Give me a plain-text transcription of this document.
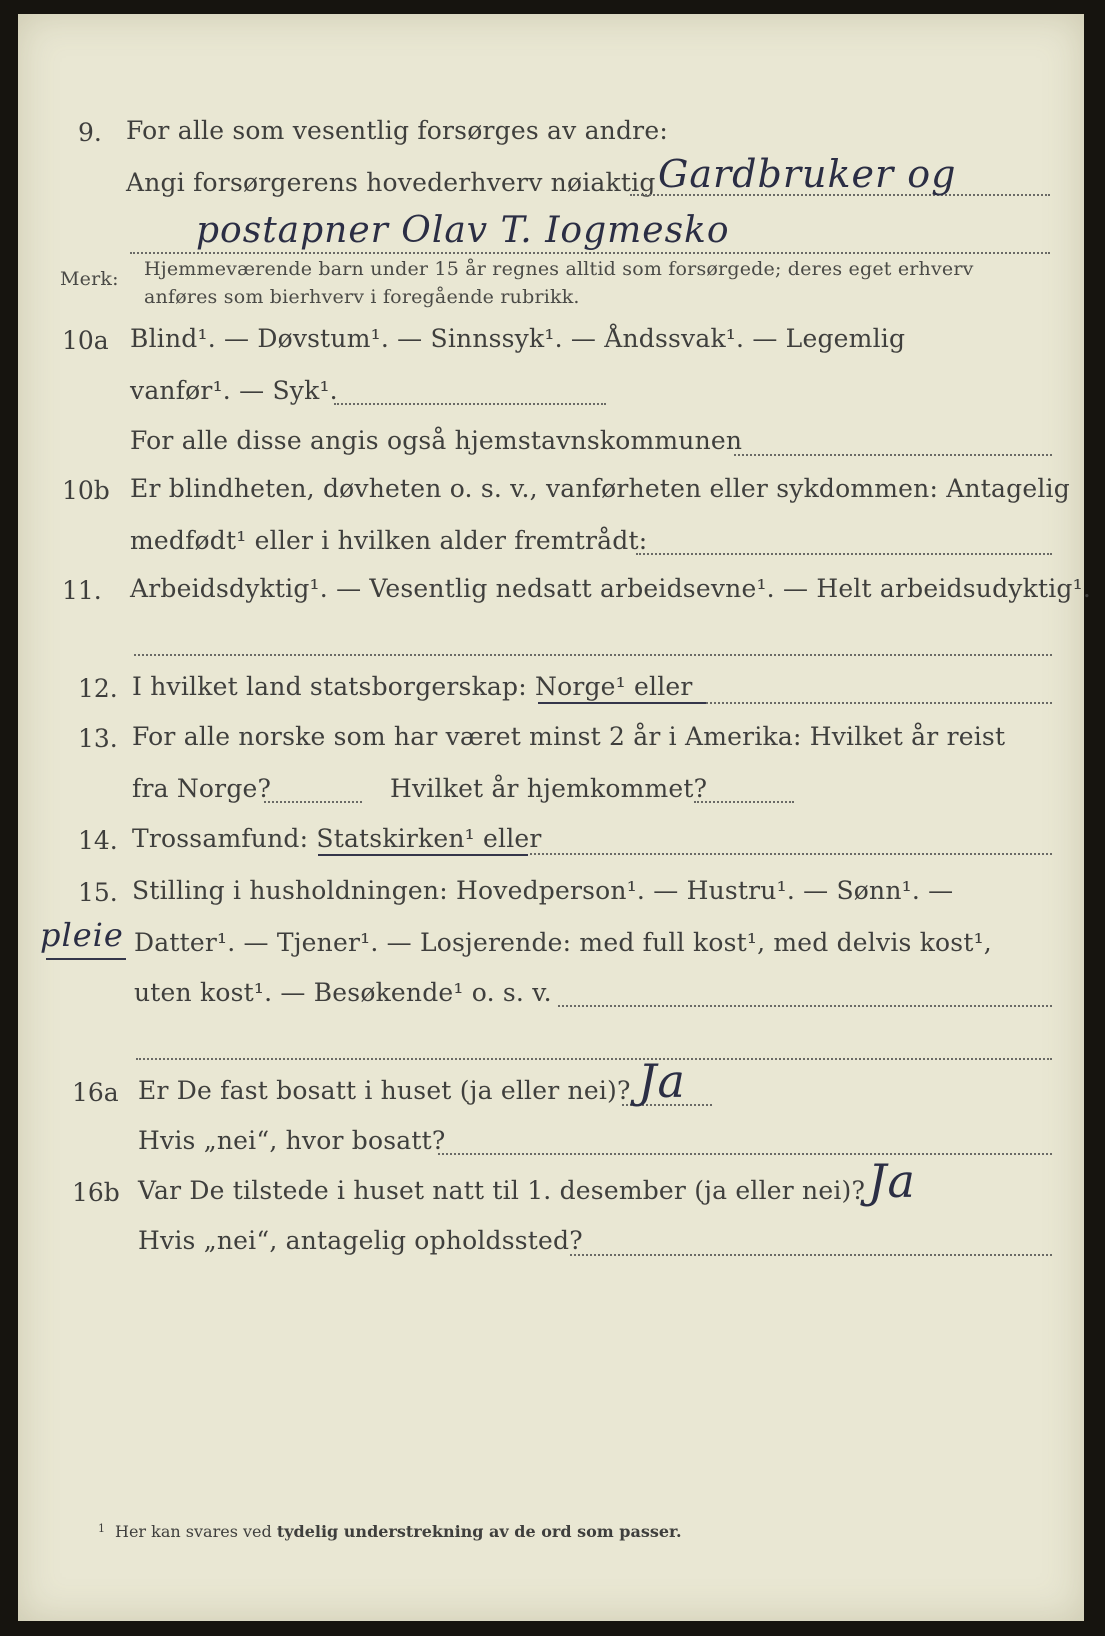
9. For alle som vesentlig forsørges av andre:

Angi forsørgerens hovederhverv nøiaktig Gardbruker og
postapner Olav T. Iogmesko
Merk: Hjemmeværende barn under 15 år regnes alltid som forsørgede; deres eget erhverv

anføres som bierhverv i foregående rubrikk.

10a Blind¹. — Døvstum¹. — Sinnssyk¹. — Åndssvak¹. — Legemlig

vanfør¹. — Syk¹.

For alle disse angis også hjemstavnskommunen

10b Er blindheten, døvheten o. s. v., vanførheten eller sykdommen: Antagelig

medfødt¹ eller i hvilken alder fremtrådt:

11. Arbeidsdyktig¹. — Vesentlig nedsatt arbeidsevne¹. — Helt arbeidsudyktig¹.

12. I hvilket land statsborgerskap: Norge¹ eller

13. For alle norske som har været minst 2 år i Amerika: Hvilket år reist

fra Norge?	Hvilket år hjemkommet?

14. Trossamfund: Statskirken¹ eller

15. Stilling i husholdningen: Hovedperson¹. — Hustru¹. — Sønn¹. —

pleie Datter¹. — Tjener¹. — Losjerende: med full kost¹, med delvis kost¹,

uten kost¹. — Besøkende¹ o. s. v.

16a Er De fast bosatt i huset (ja eller nei)? Ja

Hvis „nei“, hvor bosatt?

16b Var De tilstede i huset natt til 1. desember (ja eller nei)? Ja

Hvis „nei“, antagelig opholdssted?

$^1$ Her kan svares ved tydelig understrekning av de ord som passer.
